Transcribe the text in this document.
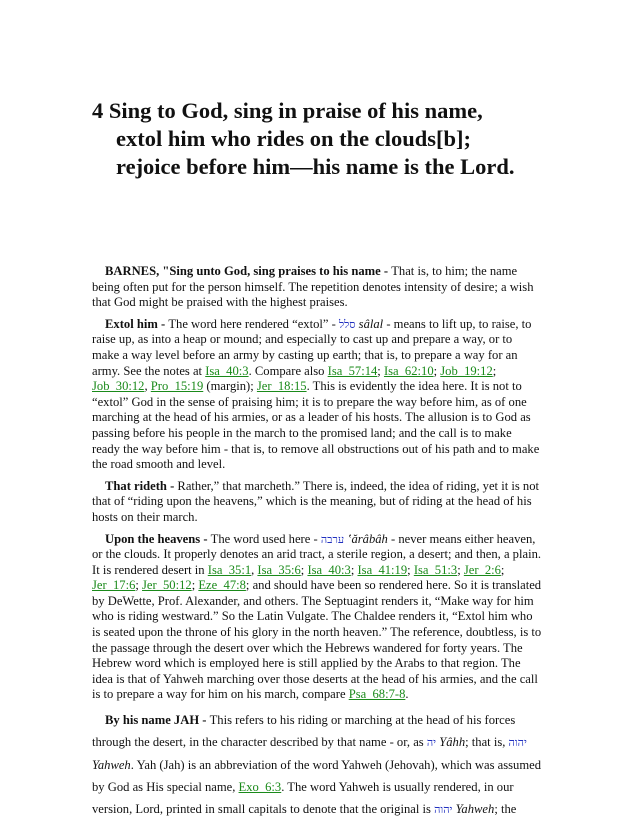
4 Sing to God, sing in praise of his name,
extol him who rides on the clouds[b];
rejoice before him—his name is the Lord.

BARNES, "Sing unto God, sing praises to his name - That is, to him; the name being often put for the person himself. The repetition denotes intensity of desire; a wish that God might be praised with the highest praises.

Extol him - The word here rendered “extol” - סלל sâlal - means to lift up, to raise, to raise up, as into a heap or mound; and especially to cast up and prepare a way, or to make a way level before an army by casting up earth; that is, to prepare a way for an army. See the notes at Isa_40:3. Compare also Isa_57:14; Isa_62:10; Job_19:12; Job_30:12, Pro_15:19 (margin); Jer_18:15. This is evidently the idea here. It is not to “extol” God in the sense of praising him; it is to prepare the way before him, as of one marching at the head of his armies, or as a leader of his hosts. The allusion is to God as passing before his people in the march to the promised land; and the call is to make ready the way before him - that is, to remove all obstructions out of his path and to make the road smooth and level.

That rideth - Rather,” that marcheth.” There is, indeed, the idea of riding, yet it is not that of “riding upon the heavens,” which is the meaning, but of riding at the head of his hosts on their march.

Upon the heavens - The word used here - ערבה ‛ărâbâh - never means either heaven, or the clouds. It properly denotes an arid tract, a sterile region, a desert; and then, a plain. It is rendered desert in Isa_35:1, Isa_35:6; Isa_40:3; Isa_41:19; Isa_51:3; Jer_2:6; Jer_17:6; Jer_50:12; Eze_47:8; and should have been so rendered here. So it is translated by DeWette, Prof. Alexander, and others. The Septuagint renders it, “Make way for him who is riding westward.” So the Latin Vulgate. The Chaldee renders it, “Extol him who is seated upon the throne of his glory in the north heaven.” The reference, doubtless, is to the passage through the desert over which the Hebrews wandered for forty years. The Hebrew word which is employed here is still applied by the Arabs to that region. The idea is that of Yahweh marching over those deserts at the head of his armies, and the call is to prepare a way for him on his march, compare Psa_68:7-8.

By his name JAH - This refers to his riding or marching at the head of his forces through the desert, in the character described by that name - or, as יה Yâhh; that is, יהוה Yahweh. Yah (Jah) is an abbreviation of the word Yahweh (Jehovah), which was assumed by God as His special name, Exo_6:3. The word Yahweh is usually rendered, in our version, Lord, printed in small capitals to denote that the original is יהוה Yahweh; the
